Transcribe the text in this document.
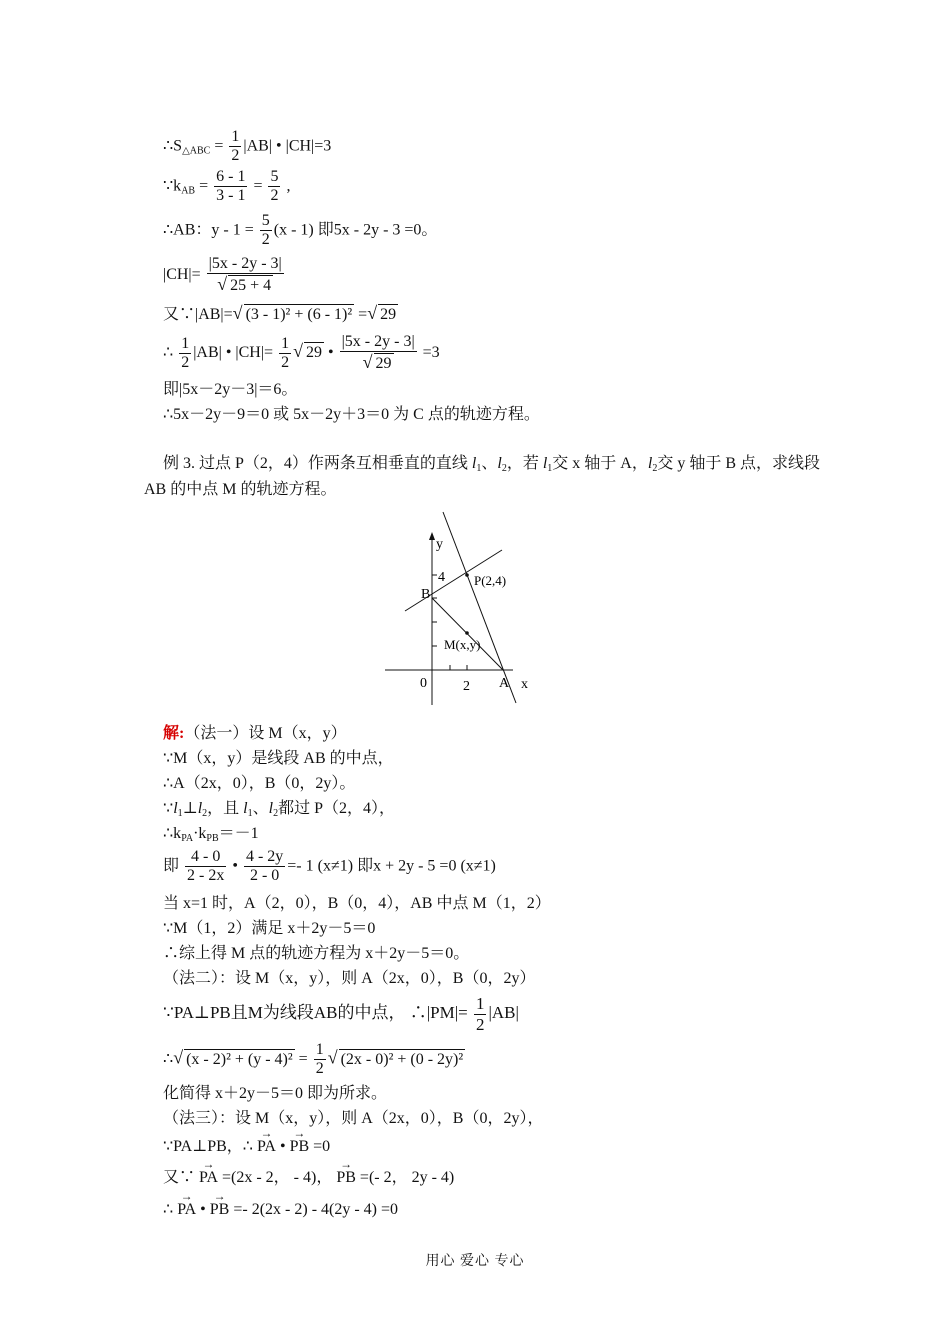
$\therefore S_{\triangle ABC} = \frac{1}{2} |AB|$ • |CH|=3
$\because k_{AB} = \frac{6 - 1}{3 - 1} = \frac{5}{2}$ ,
∴AB：$y - 1 = \frac{5}{2} (x - 1)$ 即5x - 2y - 3 =0。
$|CH|= \frac{|5x - 2y - 3|}{√ 25 + 4}$
又∵|AB|=√ (3 - 1)² + (6 - 1)² =√ 29
∴ $\frac{1}{2} |AB|$ • $|CH|= \frac{1}{2}$ √ 29 • $\frac{|5x - 2y - 3|}{√ 29} =3$
即|5x－2y－3|＝6。
∴5x－2y－9＝0 或 5x－2y＋3＝0 为 C 点的轨迹方程。
例 3. 过点 P（2，4）作两条互相垂直的直线 $l_1$、$l_2$，若 $l_1$交 x 轴于 A，$l_2$交 y 轴于 B 点，求线段
AB 的中点 M 的轨迹方程。
y
x
4 P(2,4)
B
M(x,y)
0	2 A
解:（法一）设 M（x，y）
∵M（x，y）是线段 AB 的中点，
∴A（2x，0），B（0，2y）。
$\because l_1\perp l_2$，且 $l_1$、$l_2$都过 P（2，4），
$\therefore k_{PA}\cdot k_{PB}=-1$
即 $\frac{4 - 0}{2 - 2x}$ • $\frac{4 - 2y}{2 - 0} =- 1$ (x≠1) 即x + 2y - 5 =0 (x≠1)
当 x=1 时，A（2，0），B（0，4），AB 中点 M（1，2）
∵M（1，2）满足 x＋2y－5＝0
∴综上得 M 点的轨迹方程为 x＋2y－5＝0。
（法二）：设 M（x，y），则 A（2x，0），B（0，2y）
∵PA⊥PB且M为线段AB的中点， ∴|PM|= $\frac{1}{2} |AB|$
∴√ $(x - 2)^2 + (y - 4)^2 = \frac{1}{2}$ √ (2x - 0)² + (0 - 2y)²
化简得 x＋2y－5＝0 即为所求。
（法三）：设 M（x，y），则 A（2x，0），B（0，2y），
∵PA⊥PB，∴ → PA • → PB =0
又∵ → PA =(2x - 2， - 4)， → PB =(- 2， 2y - 4)
∴ → PA • → PB =- 2(2x - 2) - 4(2y - 4) =0
用心 爱心 专心
